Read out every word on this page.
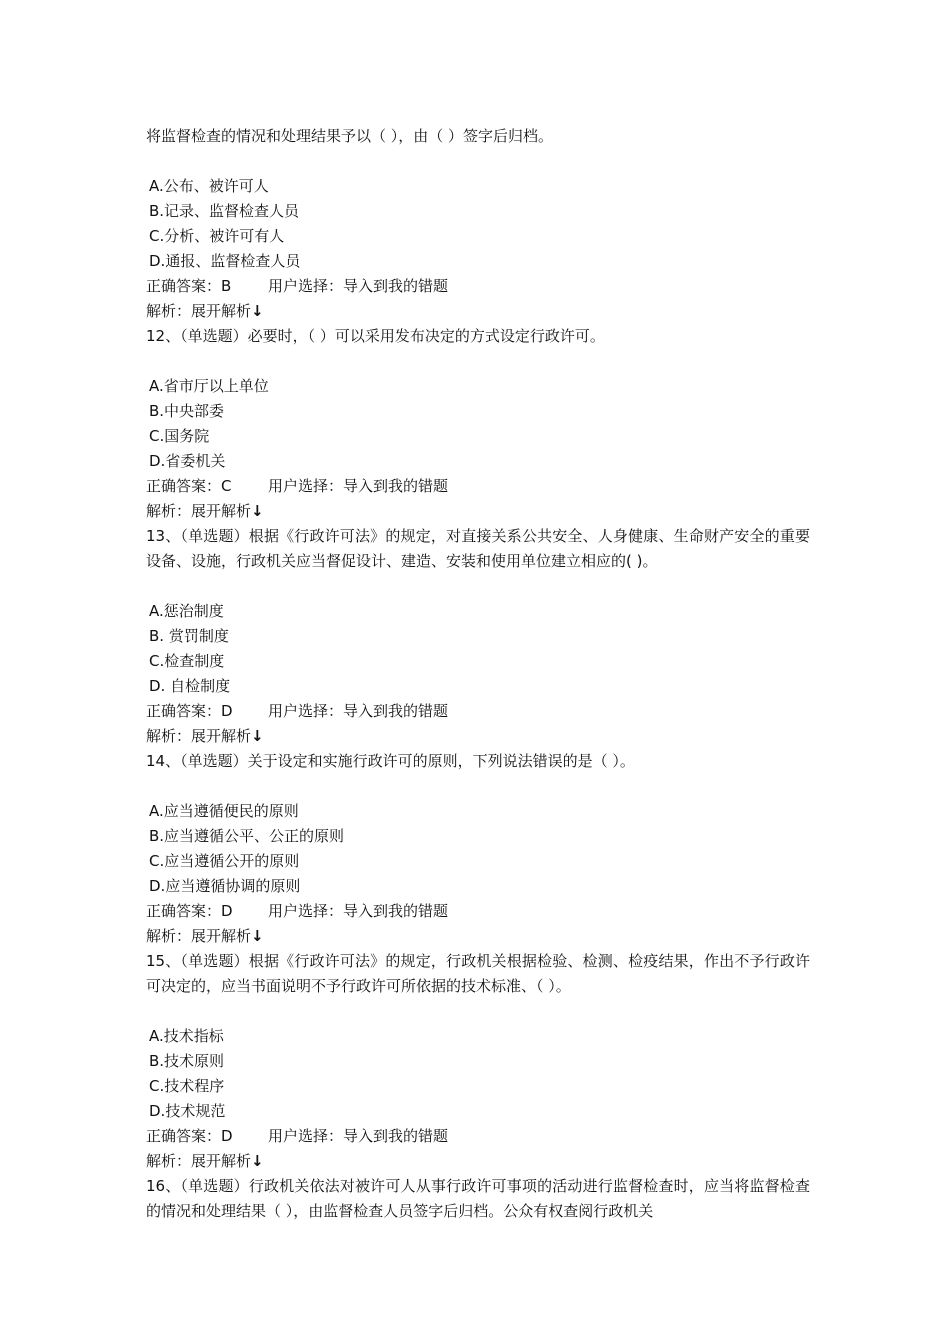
将监督检查的情况和处理结果予以（ ），由（ ）签字后归档。
A.公布、被许可人
B.记录、监督检查人员
C.分析、被许可有人
D.通报、监督检查人员
正确答案：B 用户选择：导入到我的错题
解析：展开解析↓
12、（单选题）必要时，（ ）可以采用发布决定的方式设定行政许可。
A.省市厅以上单位
B.中央部委
C.国务院
D.省委机关
正确答案：C 用户选择：导入到我的错题
解析：展开解析↓
13、（单选题）根据《行政许可法》的规定，对直接关系公共安全、人身健康、生命财产安全的重要设备、设施，行政机关应当督促设计、建造、安装和使用单位建立相应的( )。
A.惩治制度
B. 赏罚制度
C.检查制度
D. 自检制度
正确答案：D 用户选择：导入到我的错题
解析：展开解析↓
14、（单选题）关于设定和实施行政许可的原则，下列说法错误的是（ ）。
A.应当遵循便民的原则
B.应当遵循公平、公正的原则
C.应当遵循公开的原则
D.应当遵循协调的原则
正确答案：D 用户选择：导入到我的错题
解析：展开解析↓
15、（单选题）根据《行政许可法》的规定，行政机关根据检验、检测、检疫结果，作出不予行政许可决定的，应当书面说明不予行政许可所依据的技术标准、（ ）。
A.技术指标
B.技术原则
C.技术程序
D.技术规范
正确答案：D 用户选择：导入到我的错题
解析：展开解析↓
16、（单选题）行政机关依法对被许可人从事行政许可事项的活动进行监督检查时，应当将监督检查的情况和处理结果（ ），由监督检查人员签字后归档。公众有权查阅行政机关
